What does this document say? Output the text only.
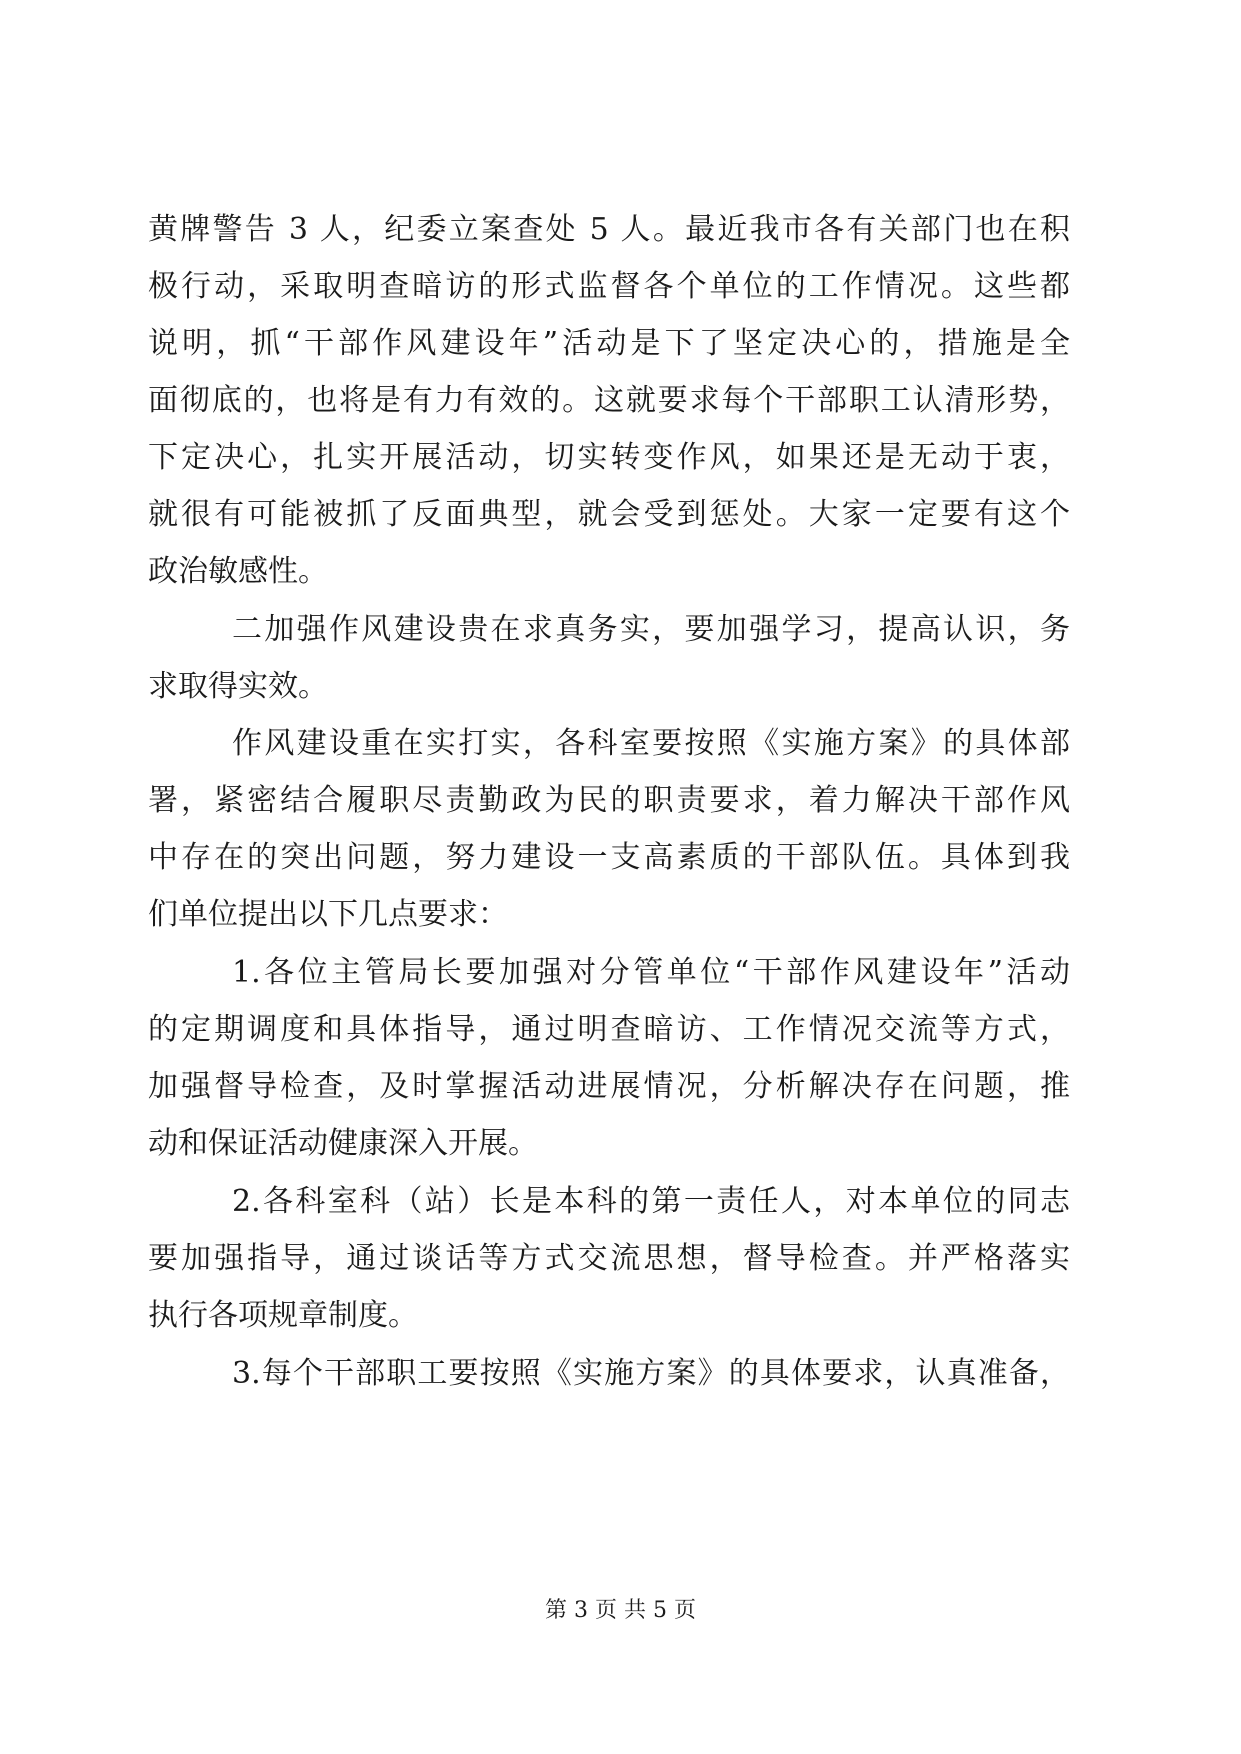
黄牌警告 3 人，纪委立案查处 5 人。最近我市各有关部门也在积
极行动，采取明查暗访的形式监督各个单位的工作情况。这些都
说明，抓“干部作风建设年”活动是下了坚定决心的，措施是全
面彻底的，也将是有力有效的。这就要求每个干部职工认清形势，
下定决心，扎实开展活动，切实转变作风，如果还是无动于衷，
就很有可能被抓了反面典型，就会受到惩处。大家一定要有这个
政治敏感性。
二加强作风建设贵在求真务实，要加强学习，提高认识，务
求取得实效。
作风建设重在实打实，各科室要按照《实施方案》的具体部
署，紧密结合履职尽责勤政为民的职责要求，着力解决干部作风
中存在的突出问题，努力建设一支高素质的干部队伍。具体到我
们单位提出以下几点要求：
1.各位主管局长要加强对分管单位“干部作风建设年”活动
的定期调度和具体指导，通过明查暗访、工作情况交流等方式，
加强督导检查，及时掌握活动进展情况，分析解决存在问题，推
动和保证活动健康深入开展。
2.各科室科（站）长是本科的第一责任人，对本单位的同志
要加强指导，通过谈话等方式交流思想，督导检查。并严格落实
执行各项规章制度。
3.每个干部职工要按照《实施方案》的具体要求，认真准备，
第 3 页 共 5 页
